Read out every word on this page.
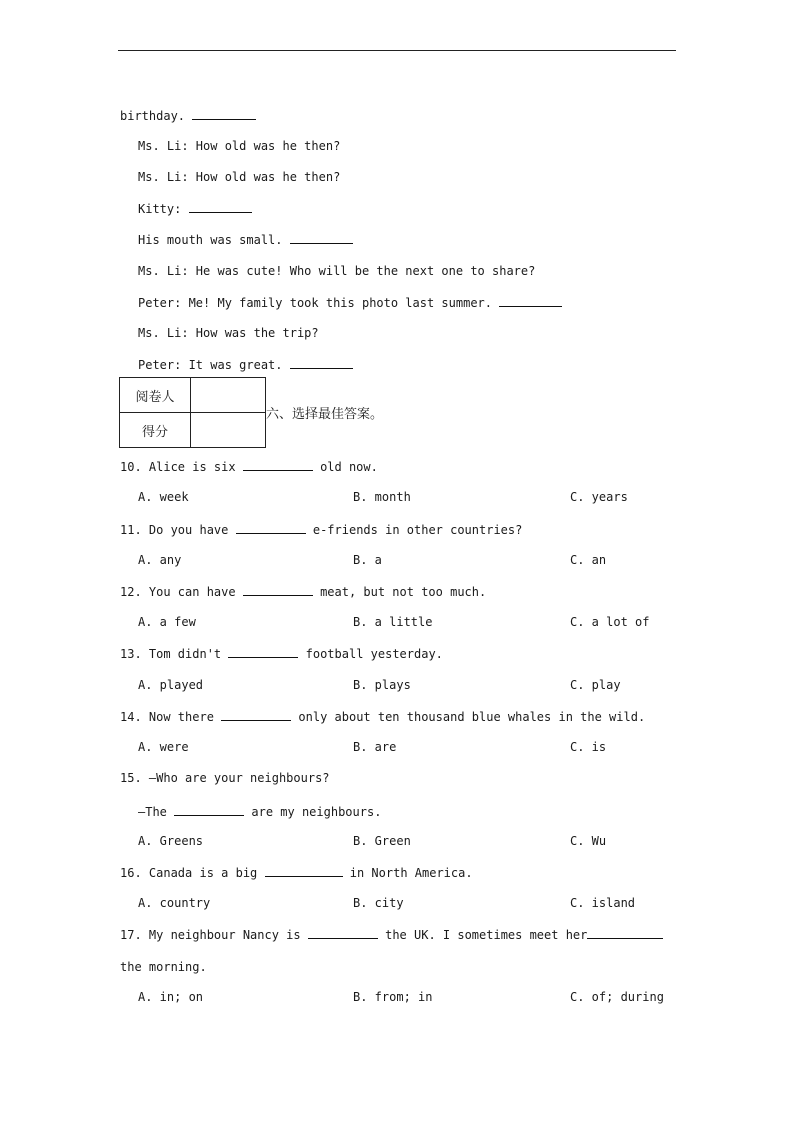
birthday.
Ms. Li: How old was he then?
Ms. Li: How old was he then?
Kitty:
His mouth was small.
Ms. Li: He was cute! Who will be the next one to share?
Peter: Me! My family took this photo last summer.
Ms. Li: How was the trip?
Peter: It was great.
阅卷人	
得分	
六、选择最佳答案。
10. Alice is six	old now.
A. week	B. month	C. years
11. Do you have	e-friends in other countries?
A. any	B. a	C. an
12. You can have	meat, but not too much.
A. a few	B. a little	C. a lot of
13. Tom didn't	football yesterday.
A. played	B. plays	C. play
14. Now there	only about ten thousand blue whales in the wild.
A. were	B. are	C. is
15. —Who are your neighbours?
—The	are my neighbours.
A. Greens	B. Green	C. Wu
16. Canada is a big	in North America.
A. country	B. city	C. island
17. My neighbour Nancy is	the UK. I sometimes meet her
the morning.
A. in; on	B. from; in	C. of; during
